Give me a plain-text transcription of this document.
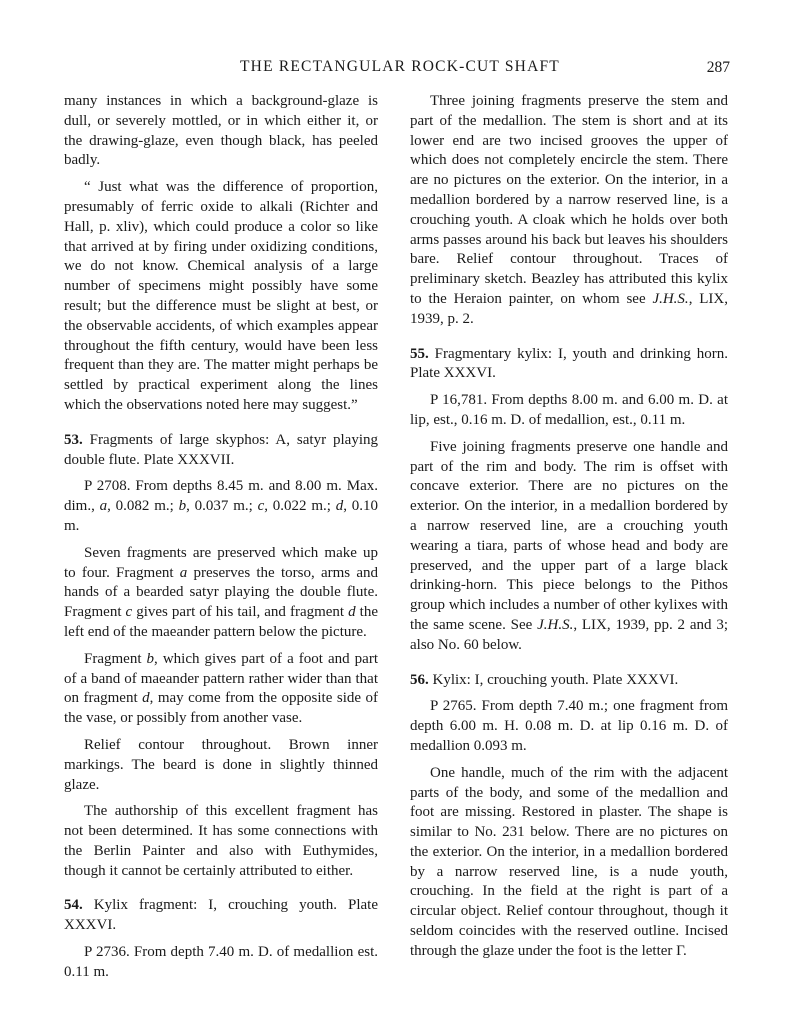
THE RECTANGULAR ROCK-CUT SHAFT	287

many instances in which a background-glaze is dull, or severely mottled, or in which either it, or the drawing-glaze, even though black, has peeled badly.

“ Just what was the difference of proportion, presumably of ferric oxide to alkali (Richter and Hall, p. xliv), which could produce a color so like that arrived at by firing under oxidizing conditions, we do not know. Chemical analysis of a large number of specimens might possibly have some result; but the difference must be slight at best, or the observable accidents, of which examples appear throughout the fifth century, would have been less frequent than they are. The matter might perhaps be settled by practical experiment along the lines which the observations noted here may suggest.”

53. Fragments of large skyphos: A, satyr playing double flute. Plate XXXVII.

P 2708. From depths 8.45 m. and 8.00 m. Max. dim., a, 0.082 m.; b, 0.037 m.; c, 0.022 m.; d, 0.10 m.

Seven fragments are preserved which make up to four. Fragment a preserves the torso, arms and hands of a bearded satyr playing the double flute. Fragment c gives part of his tail, and fragment d the left end of the maeander pattern below the picture.

Fragment b, which gives part of a foot and part of a band of maeander pattern rather wider than that on fragment d, may come from the opposite side of the vase, or possibly from another vase.

Relief contour throughout. Brown inner markings. The beard is done in slightly thinned glaze.

The authorship of this excellent fragment has not been determined. It has some connections with the Berlin Painter and also with Euthymides, though it cannot be certainly attributed to either.

54. Kylix fragment: I, crouching youth. Plate XXXVI.

P 2736. From depth 7.40 m. D. of medallion est. 0.11 m.

Three joining fragments preserve the stem and part of the medallion. The stem is short and at its lower end are two incised grooves the upper of which does not completely encircle the stem. There are no pictures on the exterior. On the interior, in a medallion bordered by a narrow reserved line, is a crouching youth. A cloak which he holds over both arms passes around his back but leaves his shoulders bare. Relief contour throughout. Traces of preliminary sketch. Beazley has attributed this kylix to the Heraion painter, on whom see J.H.S., LIX, 1939, p. 2.

55. Fragmentary kylix: I, youth and drinking horn. Plate XXXVI.

P 16,781. From depths 8.00 m. and 6.00 m. D. at lip, est., 0.16 m. D. of medallion, est., 0.11 m.

Five joining fragments preserve one handle and part of the rim and body. The rim is offset with concave exterior. There are no pictures on the exterior. On the interior, in a medallion bordered by a narrow reserved line, are a crouching youth wearing a tiara, parts of whose head and body are preserved, and the upper part of a large black drinking-horn. This piece belongs to the Pithos group which includes a number of other kylixes with the same scene. See J.H.S., LIX, 1939, pp. 2 and 3; also No. 60 below.

56. Kylix: I, crouching youth. Plate XXXVI.

P 2765. From depth 7.40 m.; one fragment from depth 6.00 m. H. 0.08 m. D. at lip 0.16 m. D. of medallion 0.093 m.

One handle, much of the rim with the adjacent parts of the body, and some of the medallion and foot are missing. Restored in plaster. The shape is similar to No. 231 below. There are no pictures on the exterior. On the interior, in a medallion bordered by a narrow reserved line, is a nude youth, crouching. In the field at the right is part of a circular object. Relief contour throughout, though it seldom coincides with the reserved outline. Incised through the glaze under the foot is the letter Γ.
